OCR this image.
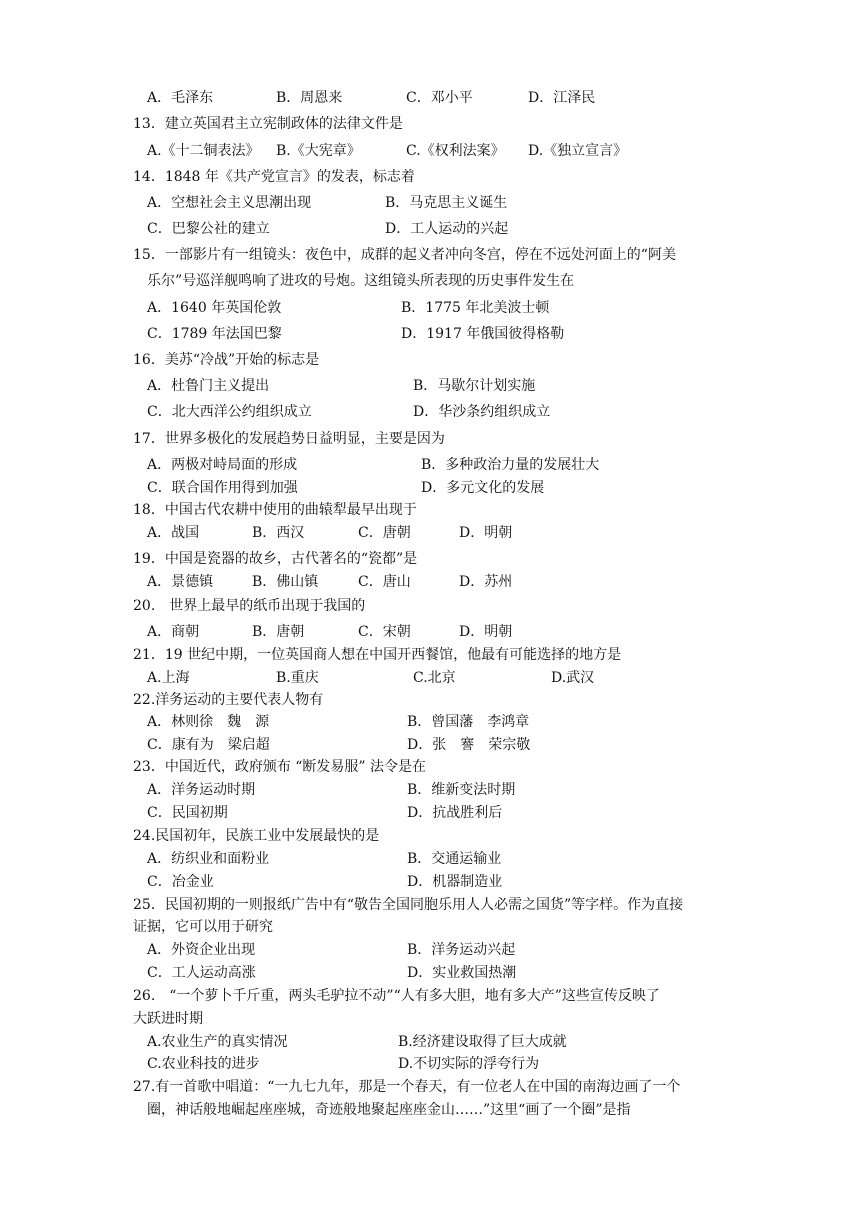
A．毛泽东	B．周恩来	C．邓小平	D．江泽民
13．建立英国君主立宪制政体的法律文件是
A.《十二铜表法》 B.《大宪章》	C.《权利法案》 D.《独立宣言》
14．1848 年《共产党宣言》的发表，标志着
A．空想社会主义思潮出现	B．马克思主义诞生
C．巴黎公社的建立	D．工人运动的兴起
15．一部影片有一组镜头：夜色中，成群的起义者冲向冬宫，停在不远处河面上的“阿美
乐尔”号巡洋舰鸣响了进攻的号炮。这组镜头所表现的历史事件发生在
A．1640 年英国伦敦	B．1775 年北美波士顿
C．1789 年法国巴黎	D．1917 年俄国彼得格勒
16．美苏“冷战”开始的标志是
A．杜鲁门主义提出	B．马歇尔计划实施
C．北大西洋公约组织成立	D．华沙条约组织成立
17．世界多极化的发展趋势日益明显，主要是因为
A．两极对峙局面的形成	B．多种政治力量的发展壮大
C．联合国作用得到加强	D．多元文化的发展
18．中国古代农耕中使用的曲辕犁最早出现于
A．战国	B．西汉	C．唐朝	D．明朝
19．中国是瓷器的故乡，古代著名的“瓷都”是
A．景德镇	B．佛山镇	C．唐山	D．苏州
20.　世界上最早的纸币出现于我国的
A．商朝	B．唐朝	C．宋朝	D．明朝
21．19 世纪中期，一位英国商人想在中国开西餐馆，他最有可能选择的地方是
A.上海	B.重庆	C.北京	D.武汉
22.洋务运动的主要代表人物有
A．林则徐　魏　源	B．曾国藩　李鸿章
C．康有为　梁启超	D．张　謇　荣宗敬
23．中国近代，政府颁布 “断发易服” 法令是在
A．洋务运动时期	B．维新变法时期
C．民国初期	D．抗战胜利后
24.民国初年，民族工业中发展最快的是
A．纺织业和面粉业	B．交通运输业
C．冶金业	D．机器制造业
25．民国初期的一则报纸广告中有“敬告全国同胞乐用人人必需之国货”等字样。作为直接
证据，它可以用于研究
A．外资企业出现	B．洋务运动兴起
C．工人运动高涨	D．实业救国热潮
26.　“一个萝卜千斤重，两头毛驴拉不动”“人有多大胆，地有多大产”这些宣传反映了
大跃进时期
A.农业生产的真实情况	B.经济建设取得了巨大成就
C.农业科技的进步	D.不切实际的浮夸行为
27.有一首歌中唱道：“一九七九年，那是一个春天，有一位老人在中国的南海边画了一个
圈，神话般地崛起座座城，奇迹般地聚起座座金山……”这里“画了一个圈”是指
